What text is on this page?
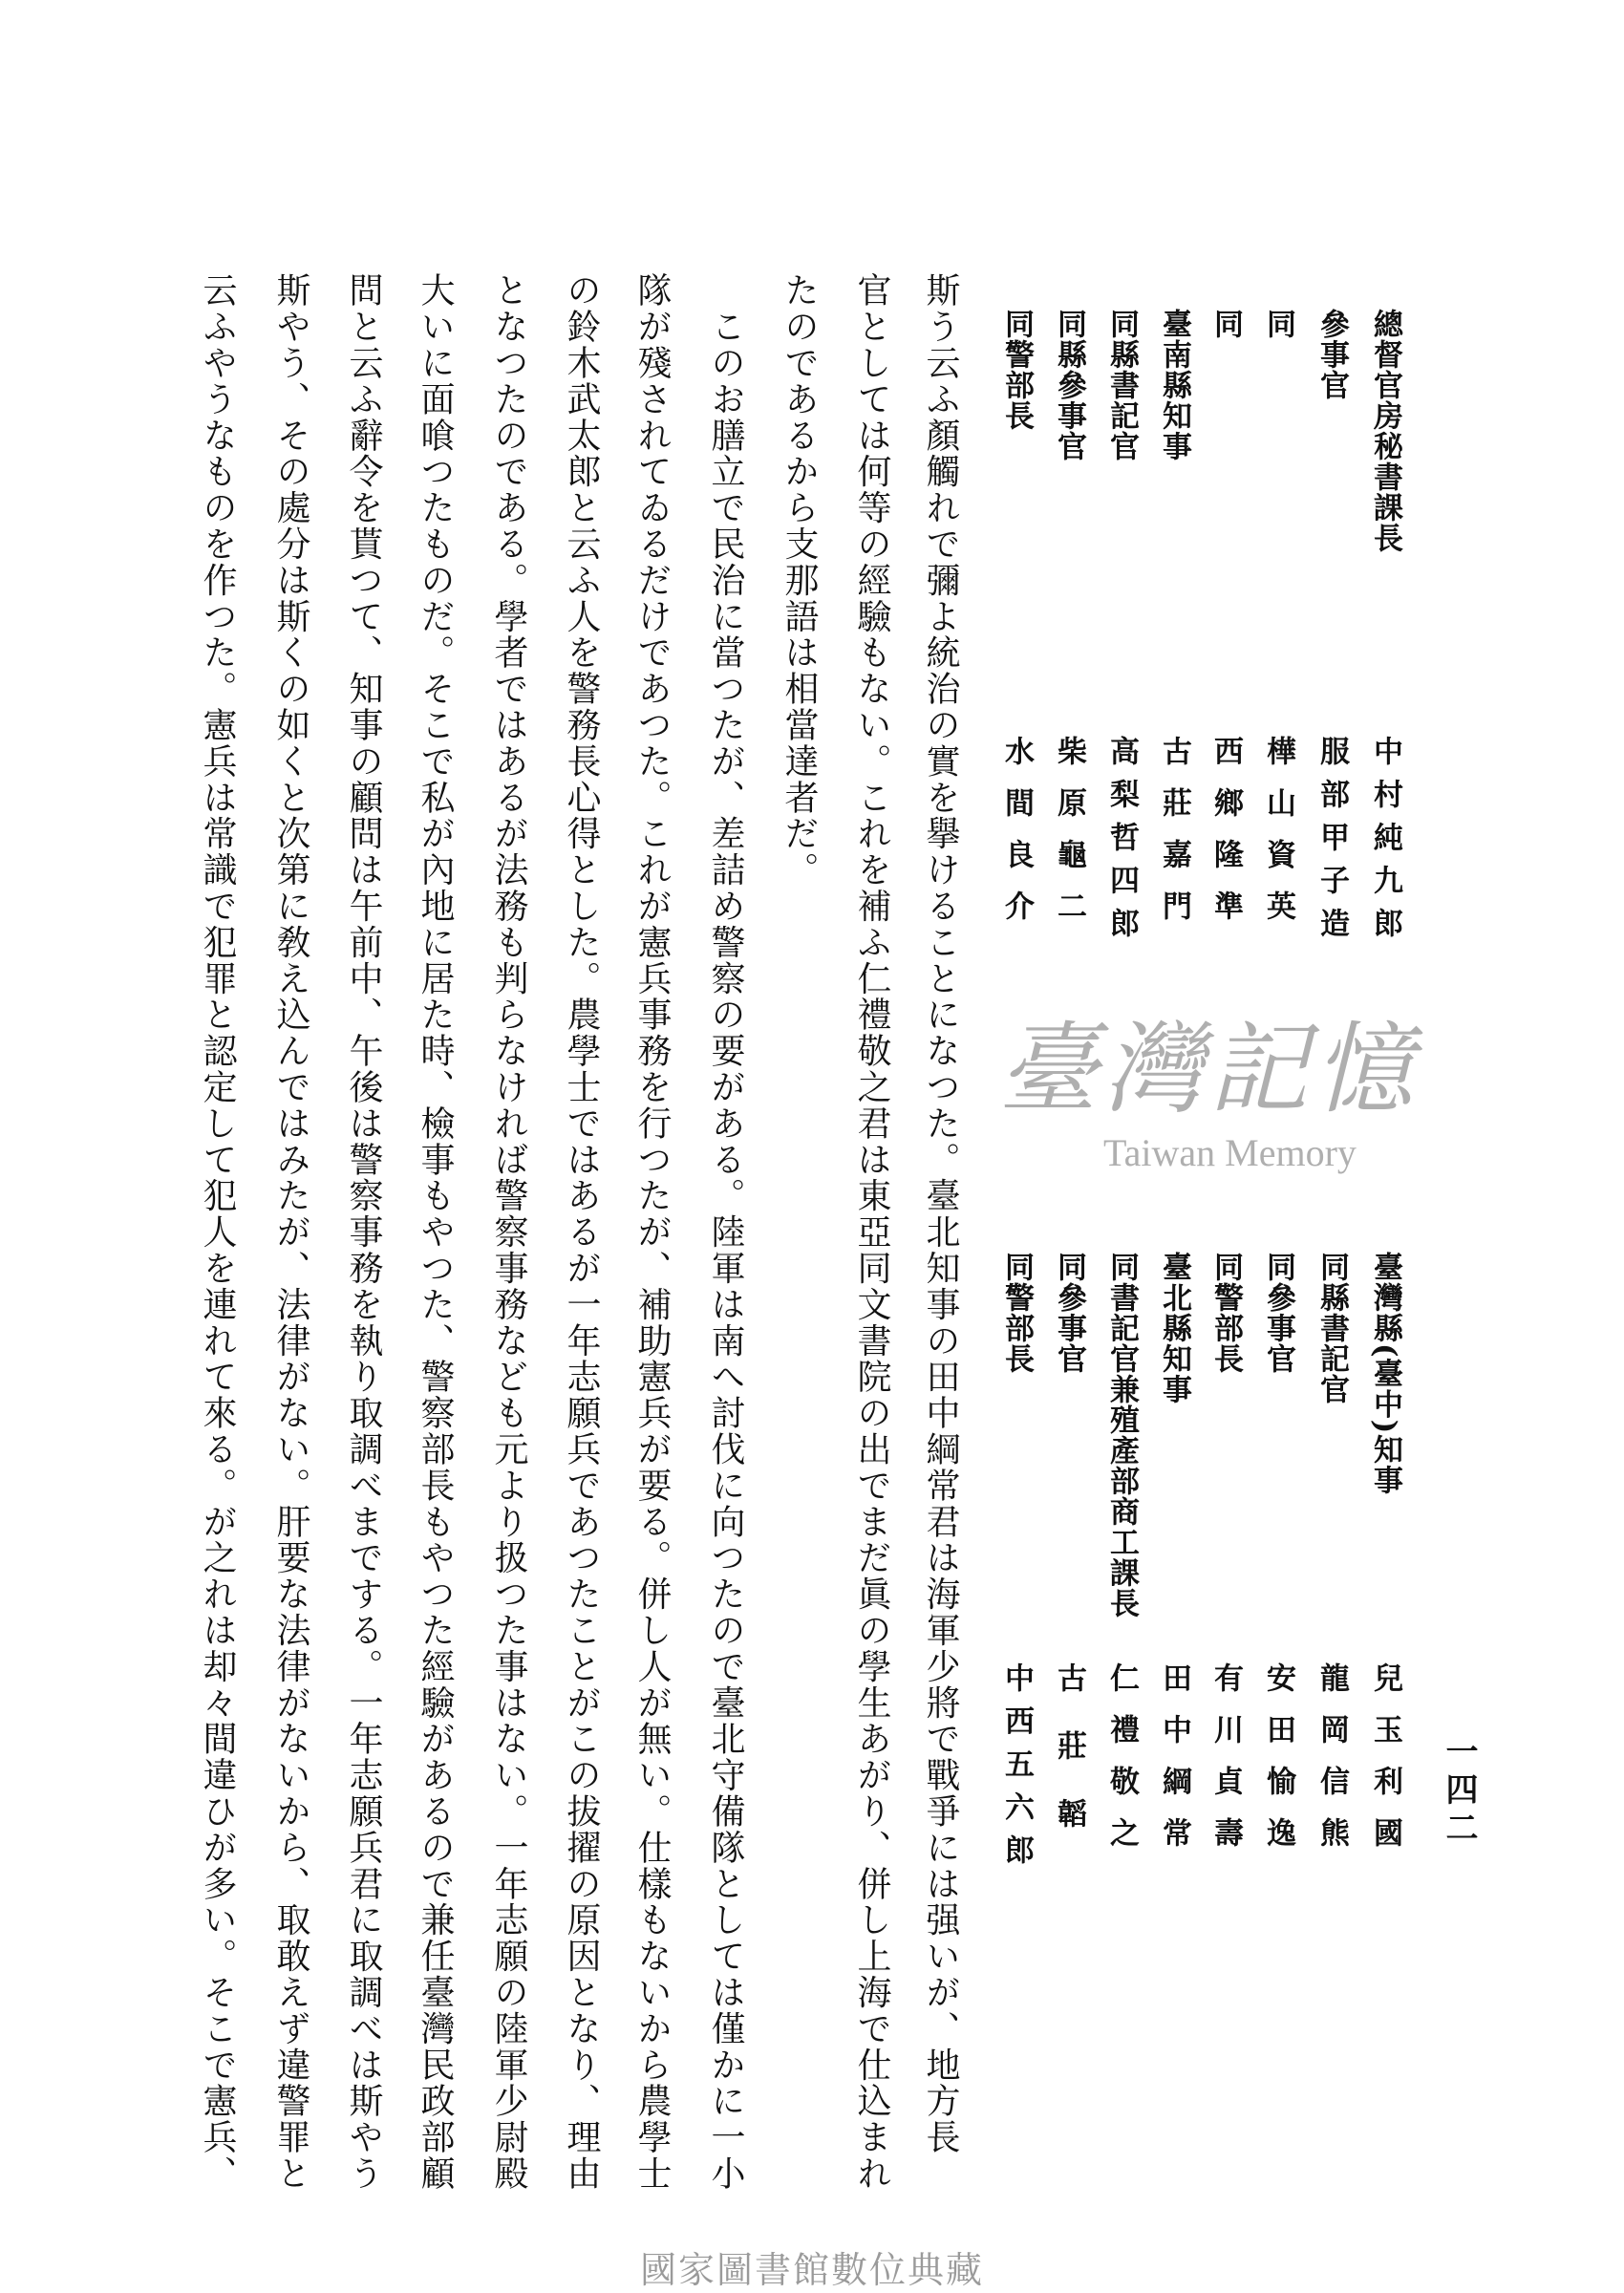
一四二
總督官房秘書課長
中村純九郎
參事官
服部甲子造
同
樺山資英
同
西鄉隆準
臺南縣知事
古莊嘉門
同縣書記官
高梨哲四郎
同縣參事官
柴原龜二
同警部長
水間良介
臺灣縣(臺中)知事
兒玉利國
同縣書記官
龍岡信熊
同參事官
安田愉逸
同警部長
有川貞壽
臺北縣知事
田中綱常
同書記官兼殖產部商工課長
仁禮敬之
同參事官
古莊韜
同警部長
中西五六郎
斯う云ふ顏觸れで彌よ統治の實を擧けることになつた。臺北知事の田中綱常君は海軍少將で戰爭には强いが、地方長
官としては何等の經驗もない。これを補ふ仁禮敬之君は東亞同文書院の出でまだ眞の學生あがり、併し上海で仕込まれ
たのであるから支那語は相當達者だ。
　このお膳立で民治に當つたが、差詰め警察の要がある。陸軍は南へ討伐に向つたので臺北守備隊としては僅かに一小
隊が殘されてゐるだけであつた。これが憲兵事務を行つたが、補助憲兵が要る。併し人が無い。仕樣もないから農學士
の鈴木武太郎と云ふ人を警務長心得とした。農學士ではあるが一年志願兵であつたことがこの拔擢の原因となり、理由
となつたのである。學者ではあるが法務も判らなければ警察事務なども元より扱つた事はない。一年志願の陸軍少尉殿
大いに面喰つたものだ。そこで私が內地に居た時、檢事もやつた、警察部長もやつた經驗があるので兼任臺灣民政部顧
問と云ふ辭令を貰つて、知事の顧問は午前中、午後は警察事務を執り取調べまでする。一年志願兵君に取調べは斯やう
斯やう、その處分は斯くの如くと次第に敎え込んではみたが、法律がない。肝要な法律がないから、取敢えず違警罪と
云ふやうなものを作つた。憲兵は常識で犯罪と認定して犯人を連れて來る。が之れは却々間違ひが多い。そこで憲兵、	臺灣記憶
Taiwan Memory
國家圖書館數位典藏
